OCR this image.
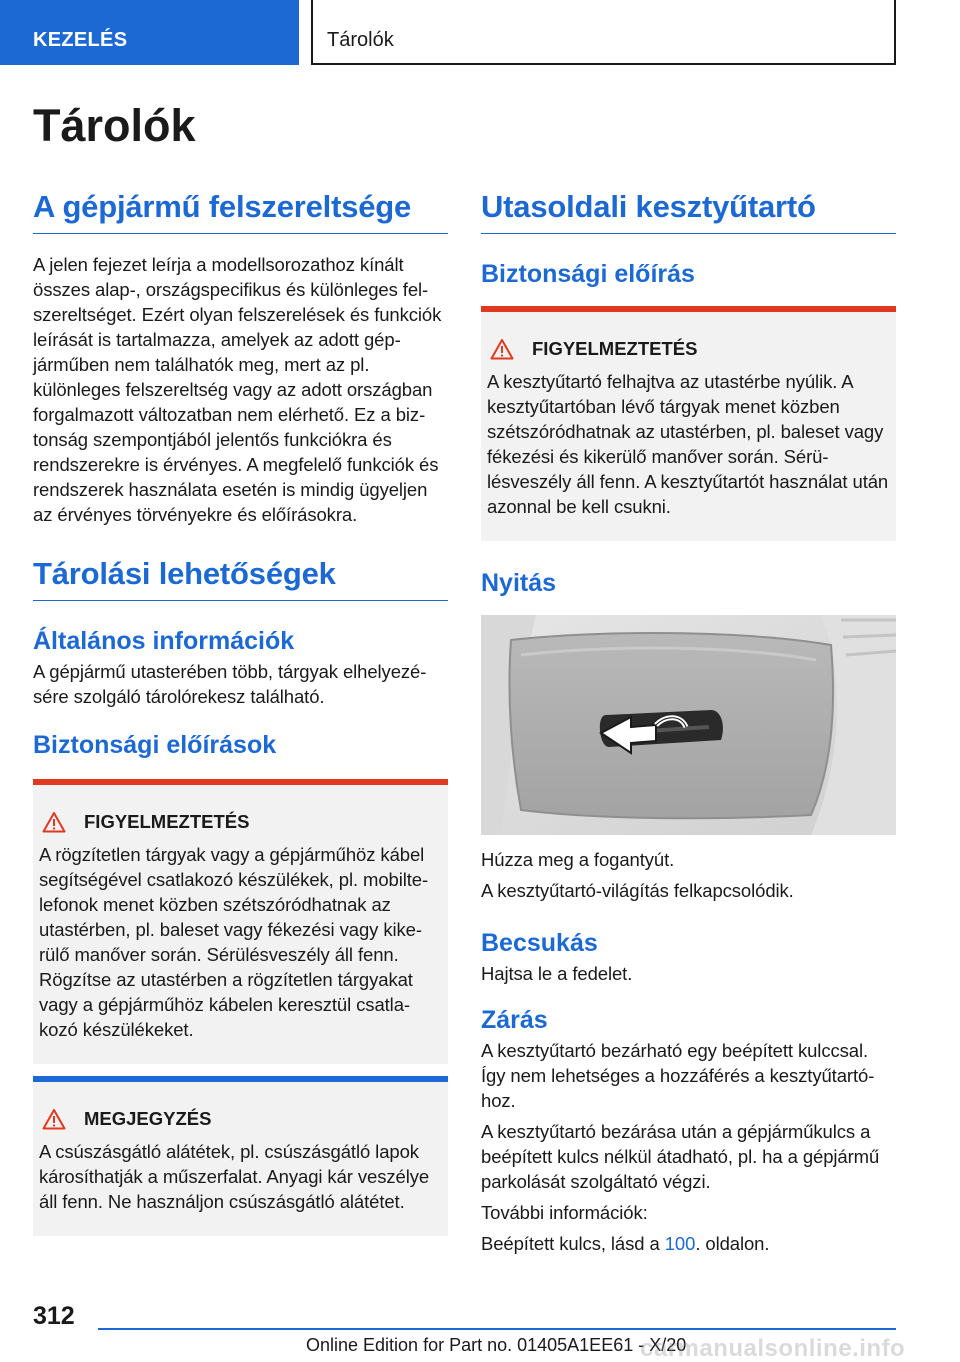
KEZELÉS	Tárolók
Tárolók
A gépjármű felszereltsége

A jelen fejezet leírja a modellsorozathoz kínált összes alap-, országspecifikus és különleges felszereltséget. Ezért olyan felszerelések és funkciók leírását is tartalmazza, amelyek az adott gépjárműben nem találhatók meg, mert az pl. különleges felszereltség vagy az adott országban forgalmazott változatban nem elérhető. Ez a biztonság szempontjából jelentős funkciókra és rendszerekre is érvényes. A megfelelő funkciók és rendszerek használata esetén is mindig ügyeljen az érvényes törvényekre és előírásokra.

Tárolási lehetőségek
Általános információk

A gépjármű utasterében több, tárgyak elhelyezésére szolgáló tárolórekesz található.

Biztonsági előírások
FIGYELMEZTETÉS

A rögzítetlen tárgyak vagy a gépjárműhöz kábel segítségével csatlakozó készülékek, pl. mobiltelefonok menet közben szétszóródhatnak az utastérben, pl. baleset vagy fékezési vagy kikerülő manőver során. Sérülésveszély áll fenn. Rögzítse az utastérben a rögzítetlen tárgyakat vagy a gépjárműhöz kábelen keresztül csatlakozó készülékeket.

MEGJEGYZÉS

A csúszásgátló alátétek, pl. csúszásgátló lapok károsíthatják a műszerfalat. Anyagi kár veszélye áll fenn. Ne használjon csúszásgátló alátétet.

Utasoldali kesztyűtartó
Biztonsági előírás
FIGYELMEZTETÉS

A kesztyűtartó felhajtva az utastérbe nyúlik. A kesztyűtartóban lévő tárgyak menet közben szétszóródhatnak az utastérben, pl. baleset vagy fékezési és kikerülő manőver során. Sérülésveszély áll fenn. A kesztyűtartót használat után azonnal be kell csukni.

Nyitás

Húzza meg a fogantyút.

A kesztyűtartó-világítás felkapcsolódik.

Becsukás

Hajtsa le a fedelet.

Zárás

A kesztyűtartó bezárható egy beépített kulccsal. Így nem lehetséges a hozzáférés a kesztyűtartóhoz.

A kesztyűtartó bezárása után a gépjárműkulcs a beépített kulcs nélkül átadható, pl. ha a gépjármű parkolását szolgáltató végzi.

További információk:

Beépített kulcs, lásd a 100. oldalon.

312
Online Edition for Part no. 01405A1EE61 - X/20
carmanualsonline.info
